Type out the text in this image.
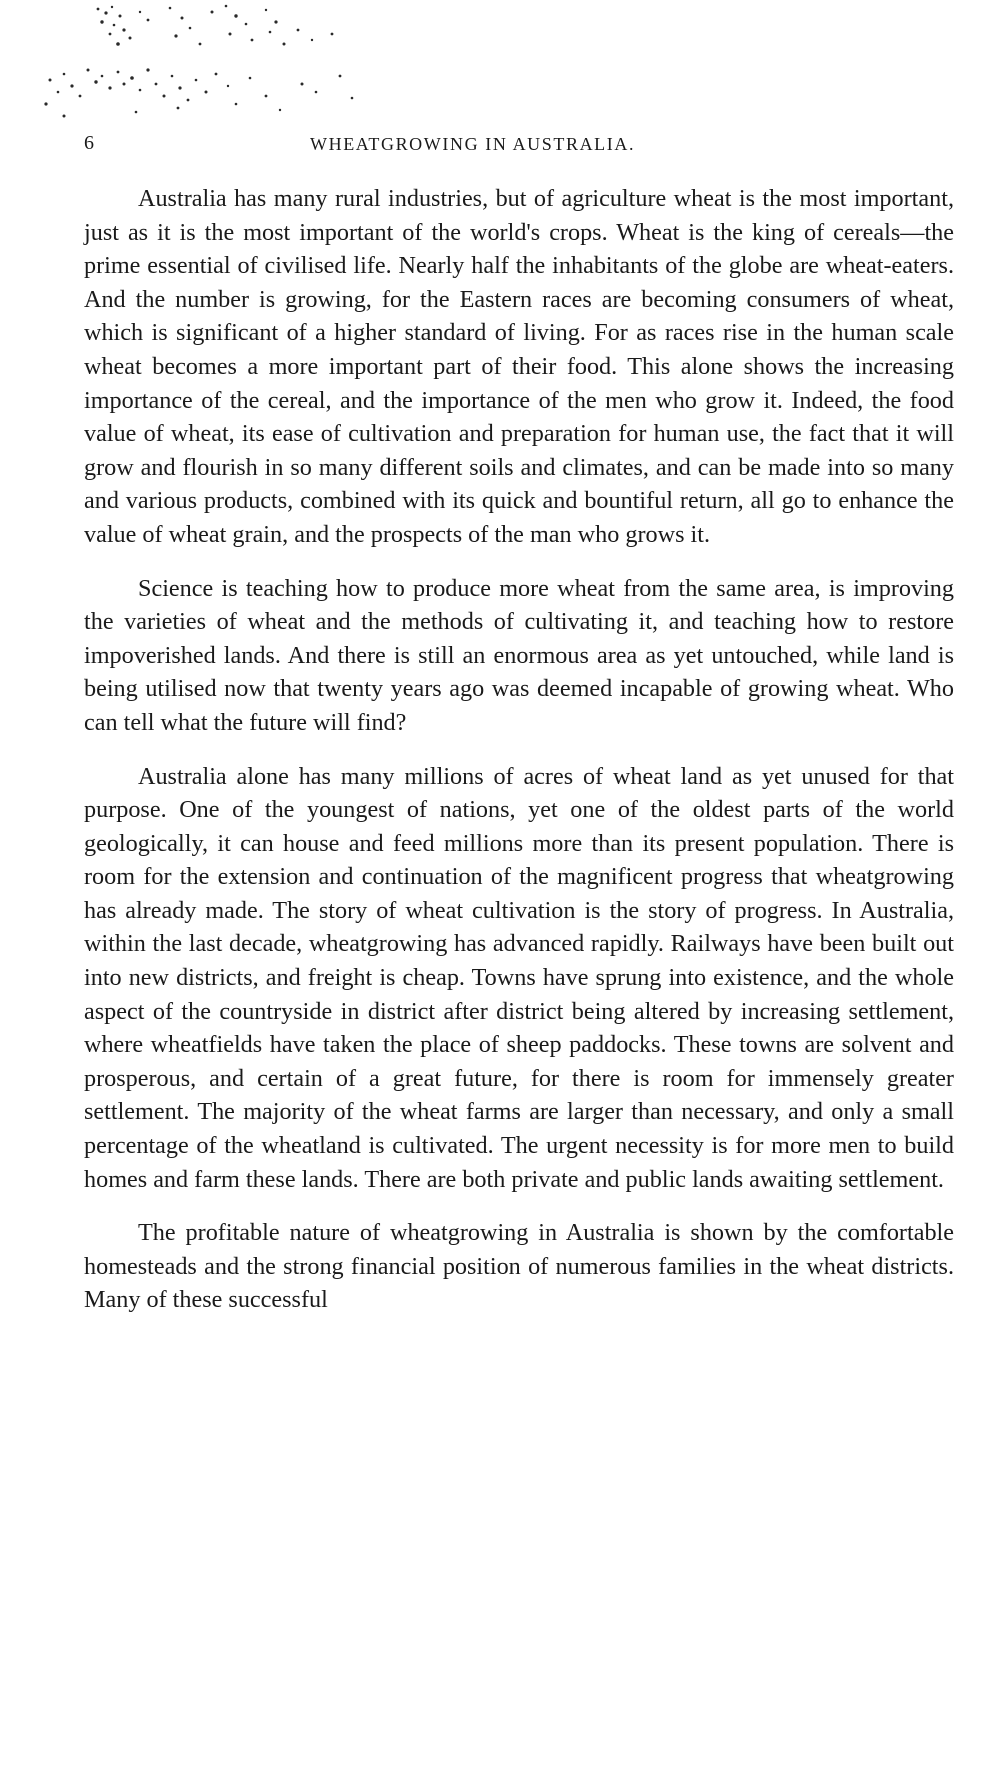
6	WHEATGROWING IN AUSTRALIA.

Australia has many rural industries, but of agriculture wheat is the most important, just as it is the most important of the world's crops. Wheat is the king of cereals—the prime essential of civilised life. Nearly half the inhabitants of the globe are wheat-eaters. And the number is growing, for the Eastern races are becoming consumers of wheat, which is significant of a higher standard of living. For as races rise in the human scale wheat becomes a more important part of their food. This alone shows the increasing importance of the cereal, and the importance of the men who grow it. Indeed, the food value of wheat, its ease of cultivation and preparation for human use, the fact that it will grow and flourish in so many different soils and climates, and can be made into so many and various products, combined with its quick and bountiful return, all go to enhance the value of wheat grain, and the prospects of the man who grows it.

Science is teaching how to produce more wheat from the same area, is improving the varieties of wheat and the methods of cultivating it, and teaching how to restore impoverished lands. And there is still an enormous area as yet untouched, while land is being utilised now that twenty years ago was deemed incapable of growing wheat. Who can tell what the future will find?

Australia alone has many millions of acres of wheat land as yet unused for that purpose. One of the youngest of nations, yet one of the oldest parts of the world geologically, it can house and feed millions more than its present population. There is room for the extension and continuation of the magnificent progress that wheatgrowing has already made. The story of wheat cultivation is the story of progress. In Australia, within the last decade, wheatgrowing has advanced rapidly. Railways have been built out into new districts, and freight is cheap. Towns have sprung into existence, and the whole aspect of the countryside in district after district being altered by increasing settlement, where wheatfields have taken the place of sheep paddocks. These towns are solvent and prosperous, and certain of a great future, for there is room for immensely greater settlement. The majority of the wheat farms are larger than necessary, and only a small percentage of the wheatland is cultivated. The urgent necessity is for more men to build homes and farm these lands. There are both private and public lands awaiting settlement.

The profitable nature of wheatgrowing in Australia is shown by the comfortable homesteads and the strong financial position of numerous families in the wheat districts. Many of these successful
